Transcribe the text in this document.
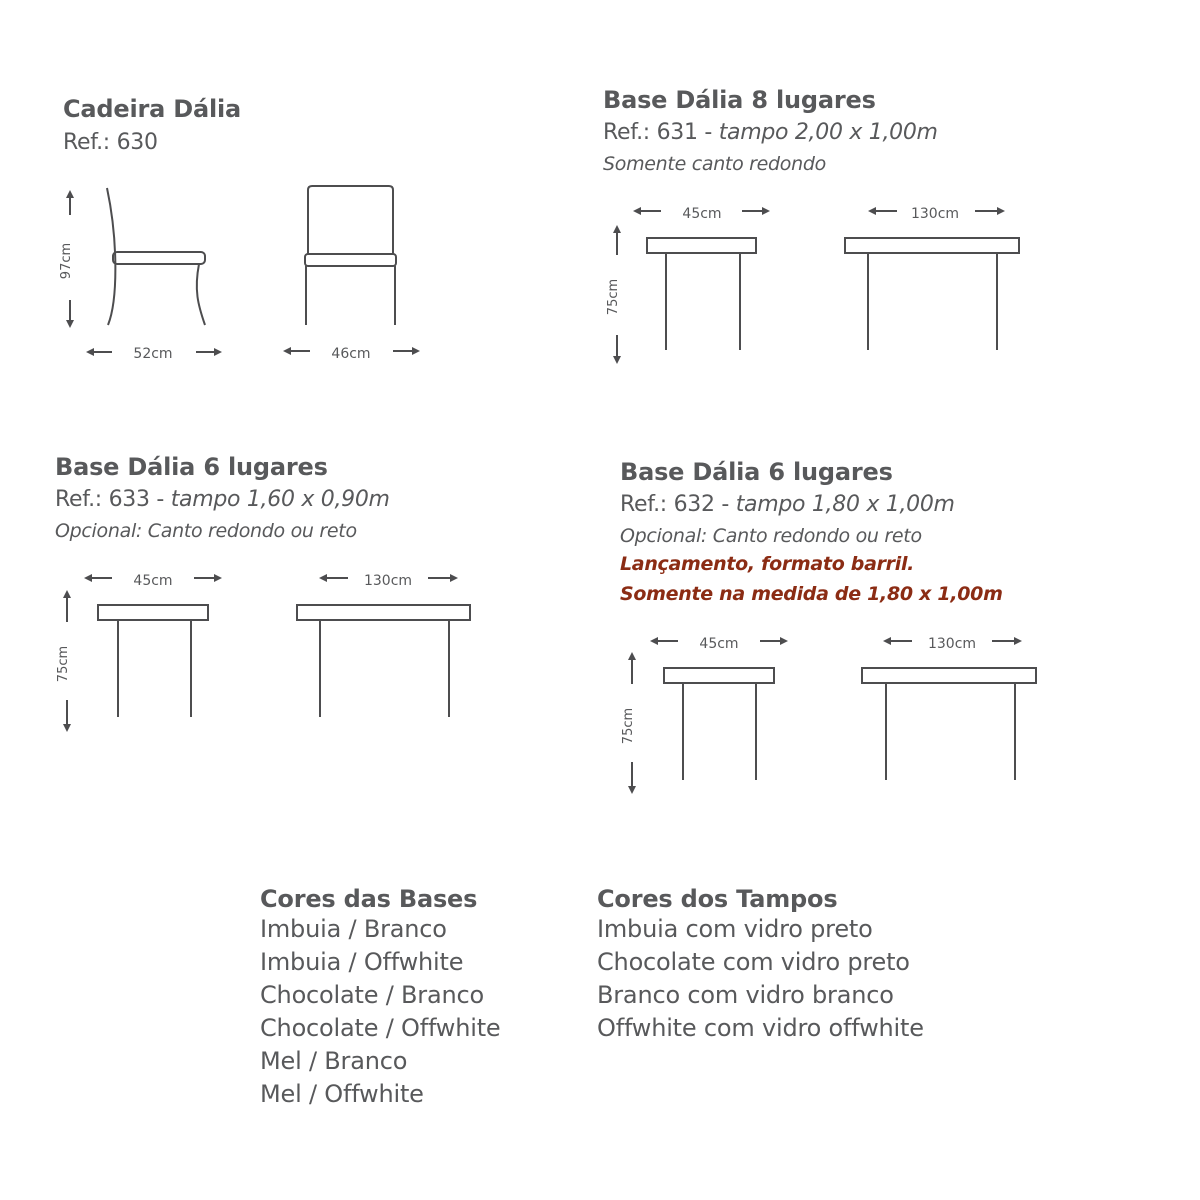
Cadeira Dália
Ref.: 630
97cm
52cm	46cm
75cm
45cm	130cm
75cm
45cm	130cm
75cm
45cm	130cm
Base Dália 8 lugares
Ref.: 631 - tampo 2,00 x 1,00m
Somente canto redondo
Base Dália 6 lugares
Ref.: 633 - tampo 1,60 x 0,90m
Opcional: Canto redondo ou reto
Base Dália 6 lugares
Ref.: 632 - tampo 1,80 x 1,00m
Opcional: Canto redondo ou reto
Lançamento, formato barril.
Somente na medida de 1,80 x 1,00m
Cores das Bases
Imbuia / Branco
Imbuia / Offwhite
Chocolate / Branco
Chocolate / Offwhite
Mel / Branco
Mel / Offwhite
Cores dos Tampos
Imbuia com vidro preto
Chocolate com vidro preto
Branco com vidro branco
Offwhite com vidro offwhite
